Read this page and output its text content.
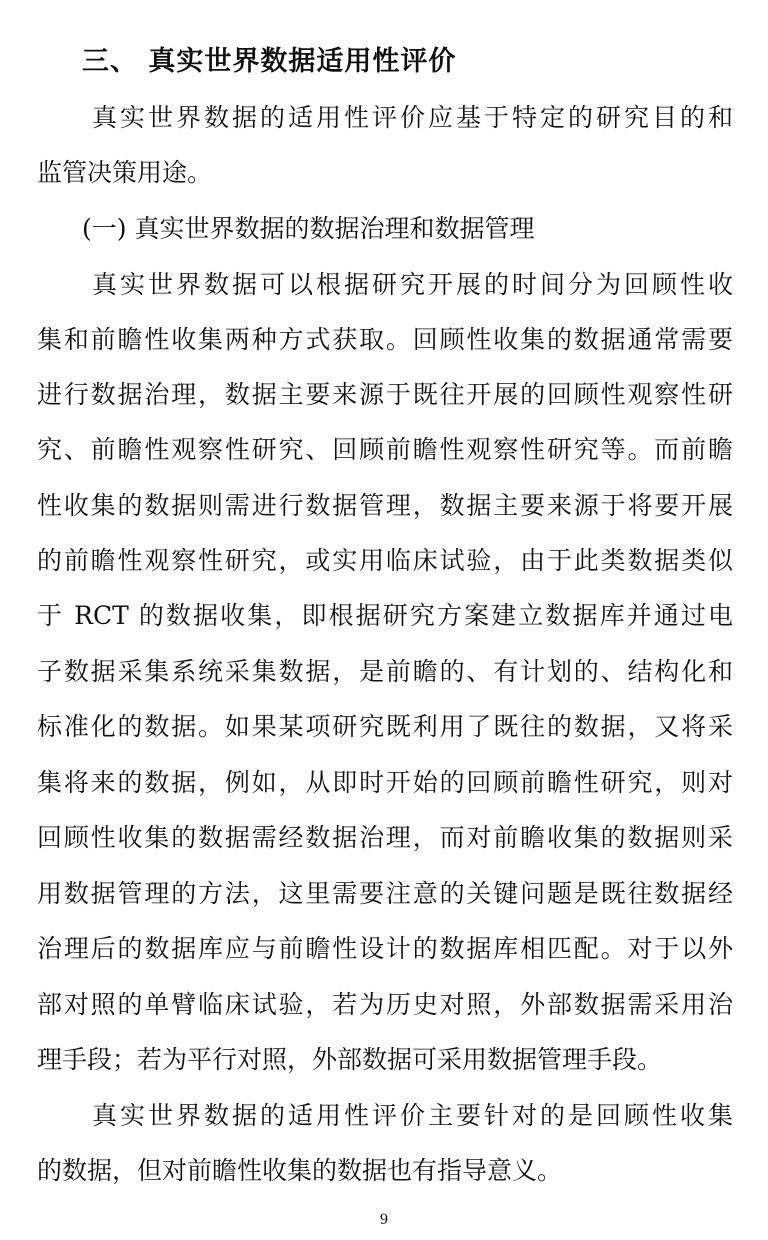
三、 真实世界数据适用性评价
真实世界数据的适用性评价应基于特定的研究目的和
监管决策用途。
(一) 真实世界数据的数据治理和数据管理
真实世界数据可以根据研究开展的时间分为回顾性收
集和前瞻性收集两种方式获取。回顾性收集的数据通常需要
进行数据治理，数据主要来源于既往开展的回顾性观察性研
究、前瞻性观察性研究、回顾前瞻性观察性研究等。而前瞻
性收集的数据则需进行数据管理，数据主要来源于将要开展
的前瞻性观察性研究，或实用临床试验，由于此类数据类似
于 RCT 的数据收集，即根据研究方案建立数据库并通过电
子数据采集系统采集数据，是前瞻的、有计划的、结构化和
标准化的数据。如果某项研究既利用了既往的数据，又将采
集将来的数据，例如，从即时开始的回顾前瞻性研究，则对
回顾性收集的数据需经数据治理，而对前瞻收集的数据则采
用数据管理的方法，这里需要注意的关键问题是既往数据经
治理后的数据库应与前瞻性设计的数据库相匹配。对于以外
部对照的单臂临床试验，若为历史对照，外部数据需采用治
理手段；若为平行对照，外部数据可采用数据管理手段。
真实世界数据的适用性评价主要针对的是回顾性收集
的数据，但对前瞻性收集的数据也有指导意义。
9
